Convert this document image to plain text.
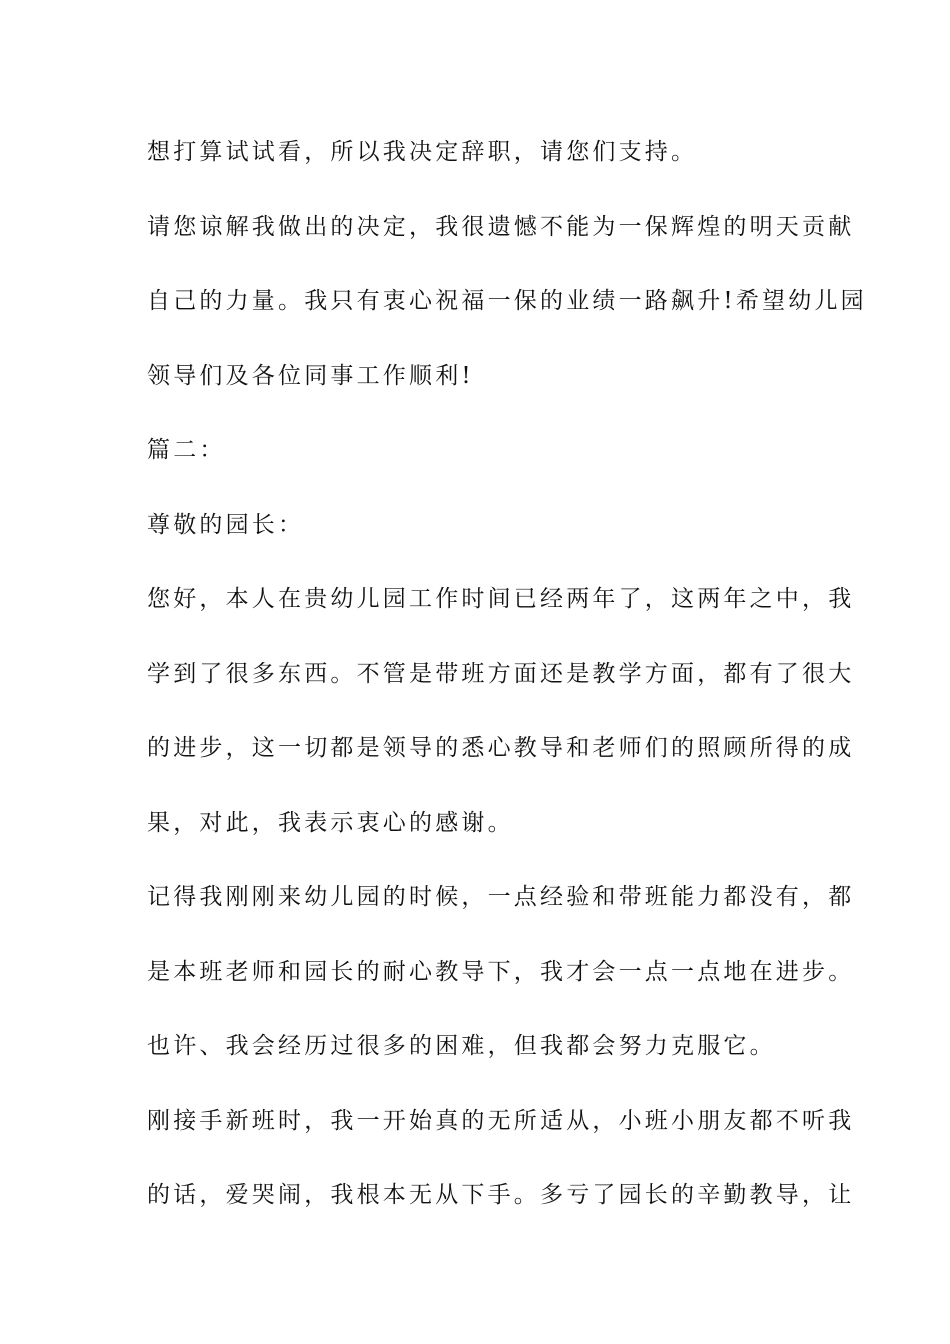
想打算试试看，所以我决定辞职，请您们支持。
请您谅解我做出的决定，我很遗憾不能为一保辉煌的明天贡献
自己的力量。我只有衷心祝福一保的业绩一路飙升!希望幼儿园
领导们及各位同事工作顺利!
篇二：
尊敬的园长：
您好，本人在贵幼儿园工作时间已经两年了，这两年之中，我
学到了很多东西。不管是带班方面还是教学方面，都有了很大
的进步，这一切都是领导的悉心教导和老师们的照顾所得的成
果，对此，我表示衷心的感谢。
记得我刚刚来幼儿园的时候，一点经验和带班能力都没有，都
是本班老师和园长的耐心教导下，我才会一点一点地在进步。
也许、我会经历过很多的困难，但我都会努力克服它。
刚接手新班时，我一开始真的无所适从，小班小朋友都不听我
的话，爱哭闹，我根本无从下手。多亏了园长的辛勤教导，让
